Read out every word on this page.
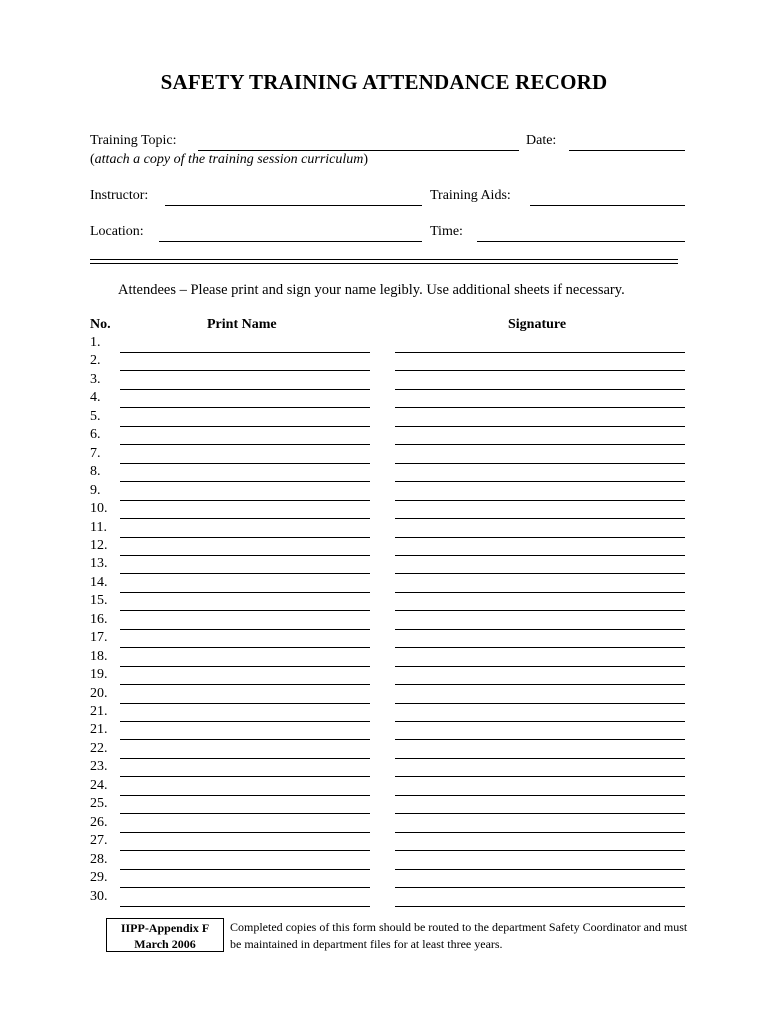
SAFETY TRAINING ATTENDANCE RECORD
Training Topic:	Date:
(attach a copy of the training session curriculum)
Instructor:	Training Aids:
Location:	Time:
Attendees – Please print and sign your name legibly. Use additional sheets if necessary.
No.	Print Name	Signature
1.
2.
3.
4.
5.
6.
7.
8.
9.
10.
11.
12.
13.
14.
15.
16.
17.
18.
19.
20.
21.
21.
22.
23.
24.
25.
26.
27.
28.
29.
30.
IIPP-Appendix F
March 2006
Completed copies of this form should be routed to the department Safety Coordinator and must be maintained in department files for at least three years.
